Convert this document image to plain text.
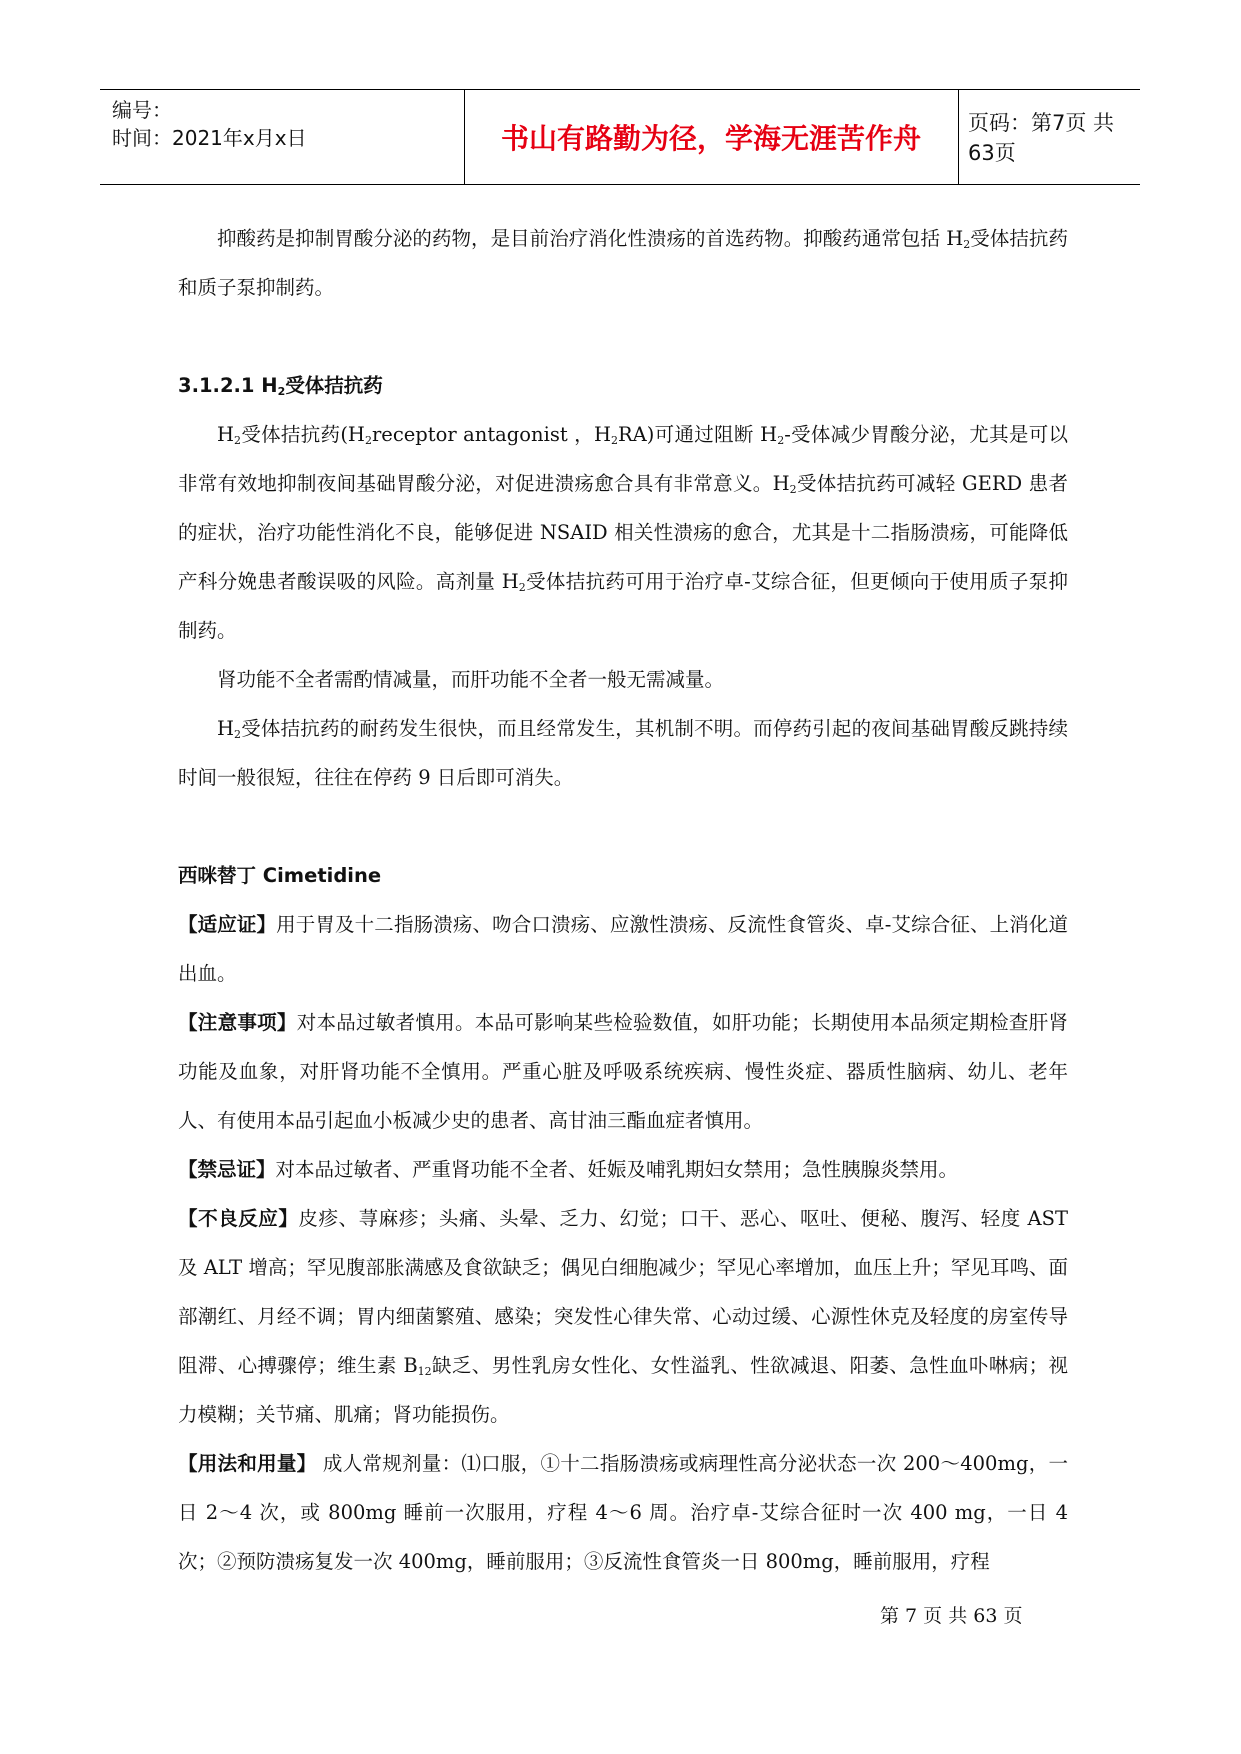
编号：
时间：2021年x月x日	书山有路勤为径，学海无涯苦作舟	页码：第7页 共63页

抑酸药是抑制胃酸分泌的药物，是目前治疗消化性溃疡的首选药物。抑酸药通常包括 $H_2$受体拮抗药和质子泵抑制药。

3.1.2.1 $H_2$受体拮抗药

$H_2$受体拮抗药($H_2receptor$ antagonist ，$H_2RA$)可通过阻断 $H_2-$受体减少胃酸分泌，尤其是可以非常有效地抑制夜间基础胃酸分泌，对促进溃疡愈合具有非常意义。$H_2$受体拮抗药可减轻 GERD 患者的症状，治疗功能性消化不良，能够促进 NSAID 相关性溃疡的愈合，尤其是十二指肠溃疡，可能降低产科分娩患者酸误吸的风险。高剂量 $H_2$受体拮抗药可用于治疗卓-艾综合征，但更倾向于使用质子泵抑制药。

肾功能不全者需酌情减量，而肝功能不全者一般无需减量。

$H_2$受体拮抗药的耐药发生很快，而且经常发生，其机制不明。而停药引起的夜间基础胃酸反跳持续时间一般很短，往往在停药 9 日后即可消失。

西咪替丁 Cimetidine

【适应证】用于胃及十二指肠溃疡、吻合口溃疡、应激性溃疡、反流性食管炎、卓-艾综合征、上消化道出血。

【注意事项】对本品过敏者慎用。本品可影响某些检验数值，如肝功能；长期使用本品须定期检查肝肾功能及血象，对肝肾功能不全慎用。严重心脏及呼吸系统疾病、慢性炎症、器质性脑病、幼儿、老年人、有使用本品引起血小板减少史的患者、高甘油三酯血症者慎用。

【禁忌证】对本品过敏者、严重肾功能不全者、妊娠及哺乳期妇女禁用；急性胰腺炎禁用。

【不良反应】皮疹、荨麻疹；头痛、头晕、乏力、幻觉；口干、恶心、呕吐、便秘、腹泻、轻度 AST 及 ALT 增高；罕见腹部胀满感及食欲缺乏；偶见白细胞减少；罕见心率增加，血压上升；罕见耳鸣、面部潮红、月经不调；胃内细菌繁殖、感染；突发性心律失常、心动过缓、心源性休克及轻度的房室传导阻滞、心搏骤停；维生素 $B_{12}$缺乏、男性乳房女性化、女性溢乳、性欲减退、阳萎、急性血卟啉病；视力模糊；关节痛、肌痛；肾功能损伤。

【用法和用量】 成人常规剂量：⑴口服，①十二指肠溃疡或病理性高分泌状态一次 200～400mg，一日 2～4 次，或 800mg 睡前一次服用，疗程 4～6 周。治疗卓-艾综合征时一次 400 mg，一日 4 次；②预防溃疡复发一次 400mg，睡前服用；③反流性食管炎一日 800mg，睡前服用，疗程

第 7 页 共 63 页
